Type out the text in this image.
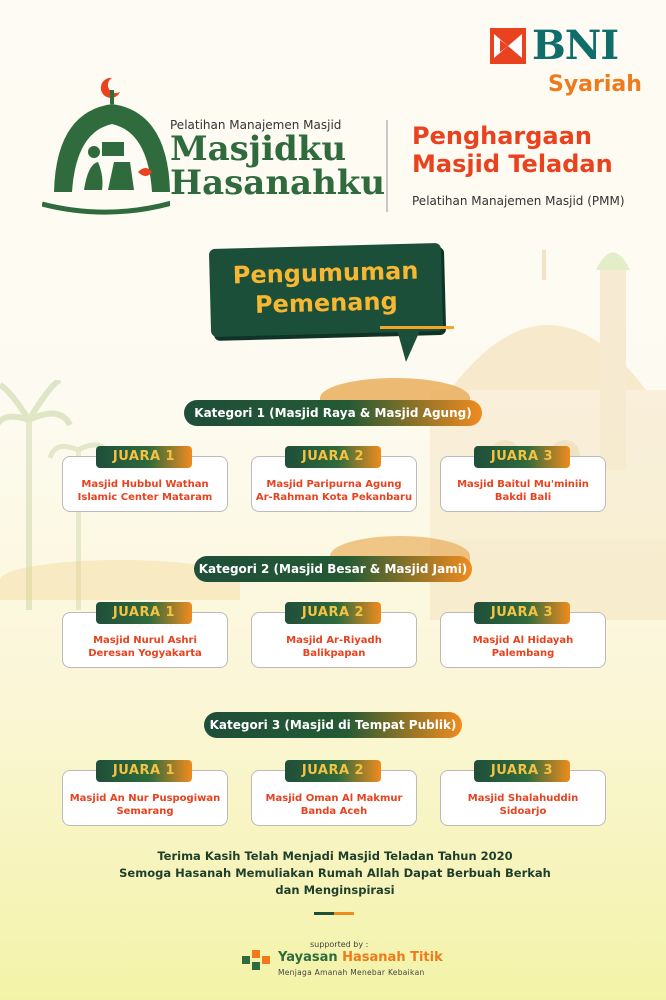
BNI
Syariah
Pelatihan Manajemen Masjid
Masjidku
Hasanahku
Penghargaan
Masjid Teladan
Pelatihan Manajemen Masjid (PMM)
Pengumuman
Pemenang
Kategori 1 (Masjid Raya & Masjid Agung)
Masjid Hubbul Wathan
Islamic Center Mataram
JUARA 1
Masjid Paripurna Agung
Ar-Rahman Kota Pekanbaru
JUARA 2
Masjid Baitul Mu'miniin
Bakdi Bali
JUARA 3
Kategori 2 (Masjid Besar & Masjid Jami)
Masjid Nurul Ashri
Deresan Yogyakarta
JUARA 1
Masjid Ar-Riyadh
Balikpapan
JUARA 2
Masjid Al Hidayah
Palembang
JUARA 3
Kategori 3 (Masjid di Tempat Publik)
Masjid An Nur Puspogiwan
Semarang
JUARA 1
Masjid Oman Al Makmur
Banda Aceh
JUARA 2
Masjid Shalahuddin
Sidoarjo
JUARA 3
Terima Kasih Telah Menjadi Masjid Teladan Tahun 2020
Semoga Hasanah Memuliakan Rumah Allah Dapat Berbuah Berkah
dan Menginspirasi
supported by :
Yayasan Hasanah Titik
Menjaga Amanah Menebar Kebaikan
